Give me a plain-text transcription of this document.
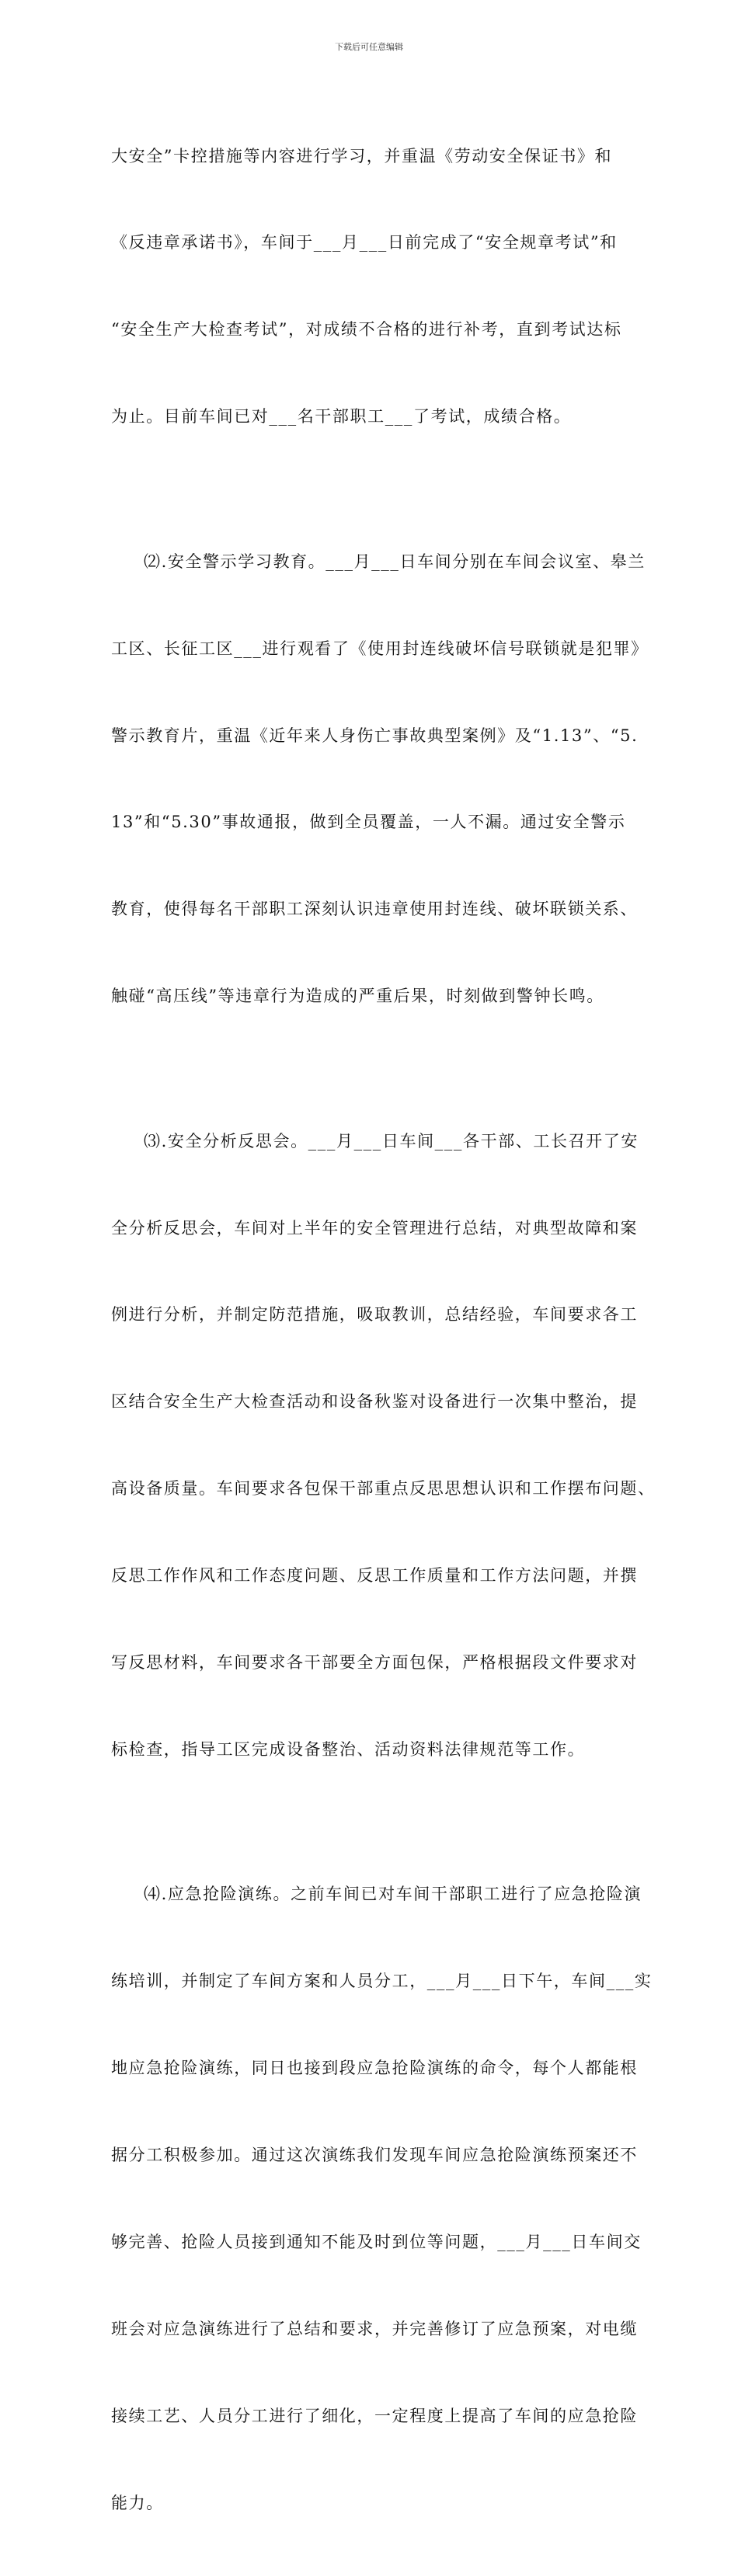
下载后可任意编辑

大安全”卡控措施等内容进行学习，并重温《劳动安全保证书》和

《反违章承诺书》，车间于___月___日前完成了“安全规章考试”和

“安全生产大检查考试”，对成绩不合格的进行补考，直到考试达标

为止。目前车间已对___名干部职工___了考试，成绩合格。

⑵.安全警示学习教育。___月___日车间分别在车间会议室、皋兰

工区、长征工区___进行观看了《使用封连线破坏信号联锁就是犯罪》

警示教育片，重温《近年来人身伤亡事故典型案例》及“1.13”、“5.

13”和“5.30”事故通报，做到全员覆盖，一人不漏。通过安全警示

教育，使得每名干部职工深刻认识违章使用封连线、破坏联锁关系、

触碰“高压线”等违章行为造成的严重后果，时刻做到警钟长鸣。

⑶.安全分析反思会。___月___日车间___各干部、工长召开了安

全分析反思会，车间对上半年的安全管理进行总结，对典型故障和案

例进行分析，并制定防范措施，吸取教训，总结经验，车间要求各工

区结合安全生产大检查活动和设备秋鉴对设备进行一次集中整治，提

高设备质量。车间要求各包保干部重点反思思想认识和工作摆布问题、

反思工作作风和工作态度问题、反思工作质量和工作方法问题，并撰

写反思材料，车间要求各干部要全方面包保，严格根据段文件要求对

标检查，指导工区完成设备整治、活动资料法律规范等工作。

⑷.应急抢险演练。之前车间已对车间干部职工进行了应急抢险演

练培训，并制定了车间方案和人员分工，___月___日下午，车间___实

地应急抢险演练，同日也接到段应急抢险演练的命令，每个人都能根

据分工积极参加。通过这次演练我们发现车间应急抢险演练预案还不

够完善、抢险人员接到通知不能及时到位等问题，___月___日车间交

班会对应急演练进行了总结和要求，并完善修订了应急预案，对电缆

接续工艺、人员分工进行了细化，一定程度上提高了车间的应急抢险

能力。
